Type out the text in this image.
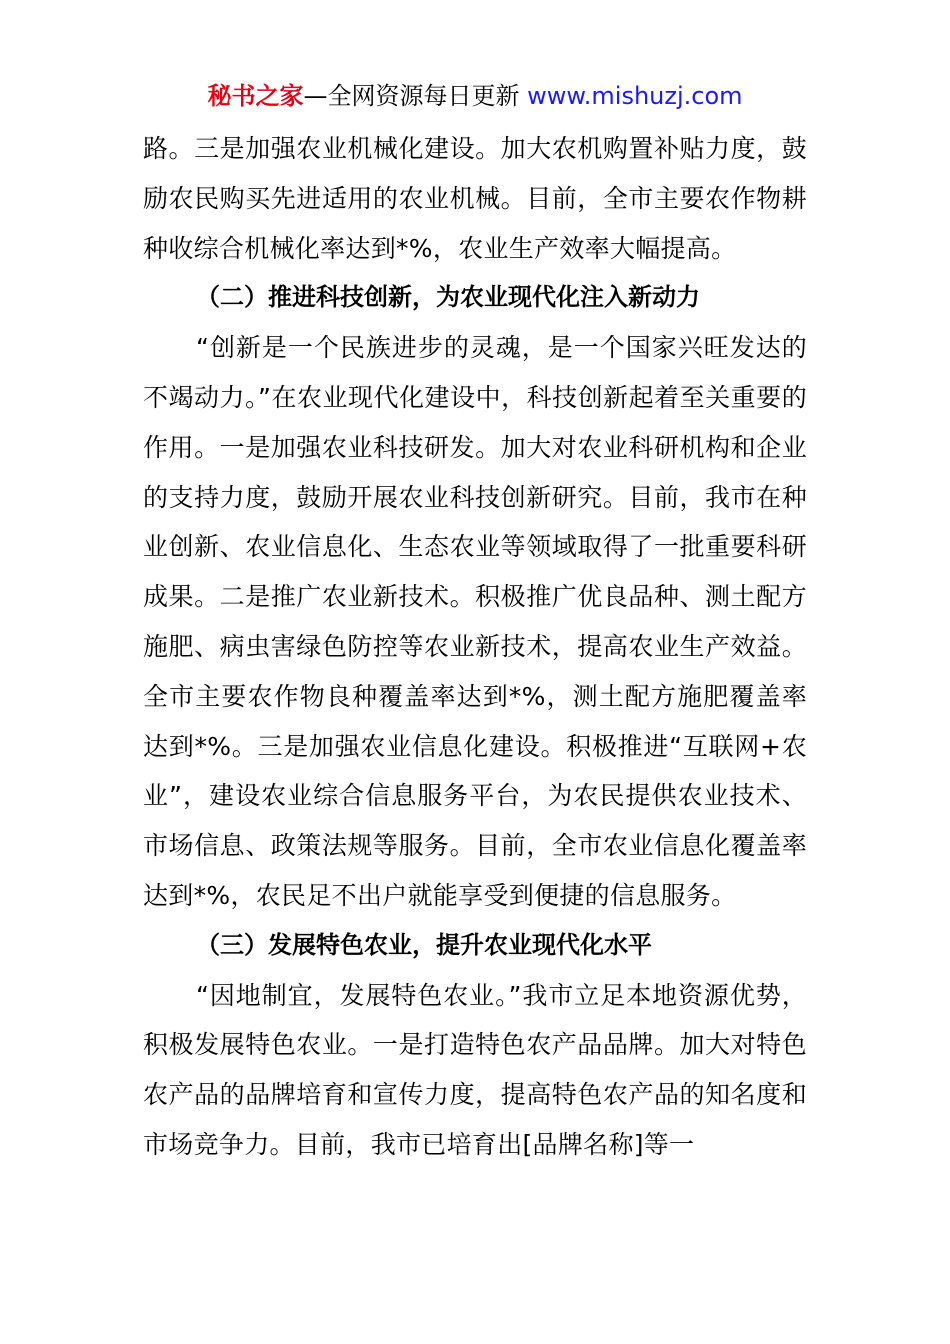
秘书之家—全网资源每日更新 www.mishuzj.com

路。三是加强农业机械化建设。加大农机购置补贴力度，鼓励农民购买先进适用的农业机械。目前，全市主要农作物耕种收综合机械化率达到*%，农业生产效率大幅提高。

（二）推进科技创新，为农业现代化注入新动力

“创新是一个民族进步的灵魂，是一个国家兴旺发达的不竭动力。”在农业现代化建设中，科技创新起着至关重要的作用。一是加强农业科技研发。加大对农业科研机构和企业的支持力度，鼓励开展农业科技创新研究。目前，我市在种业创新、农业信息化、生态农业等领域取得了一批重要科研成果。二是推广农业新技术。积极推广优良品种、测土配方施肥、病虫害绿色防控等农业新技术，提高农业生产效益。全市主要农作物良种覆盖率达到*%，测土配方施肥覆盖率达到*%。三是加强农业信息化建设。积极推进“互联网+农业”，建设农业综合信息服务平台，为农民提供农业技术、市场信息、政策法规等服务。目前，全市农业信息化覆盖率达到*%，农民足不出户就能享受到便捷的信息服务。

（三）发展特色农业，提升农业现代化水平

“因地制宜，发展特色农业。”我市立足本地资源优势，积极发展特色农业。一是打造特色农产品品牌。加大对特色农产品的品牌培育和宣传力度，提高特色农产品的知名度和市场竞争力。目前，我市已培育出[品牌名称]等一
